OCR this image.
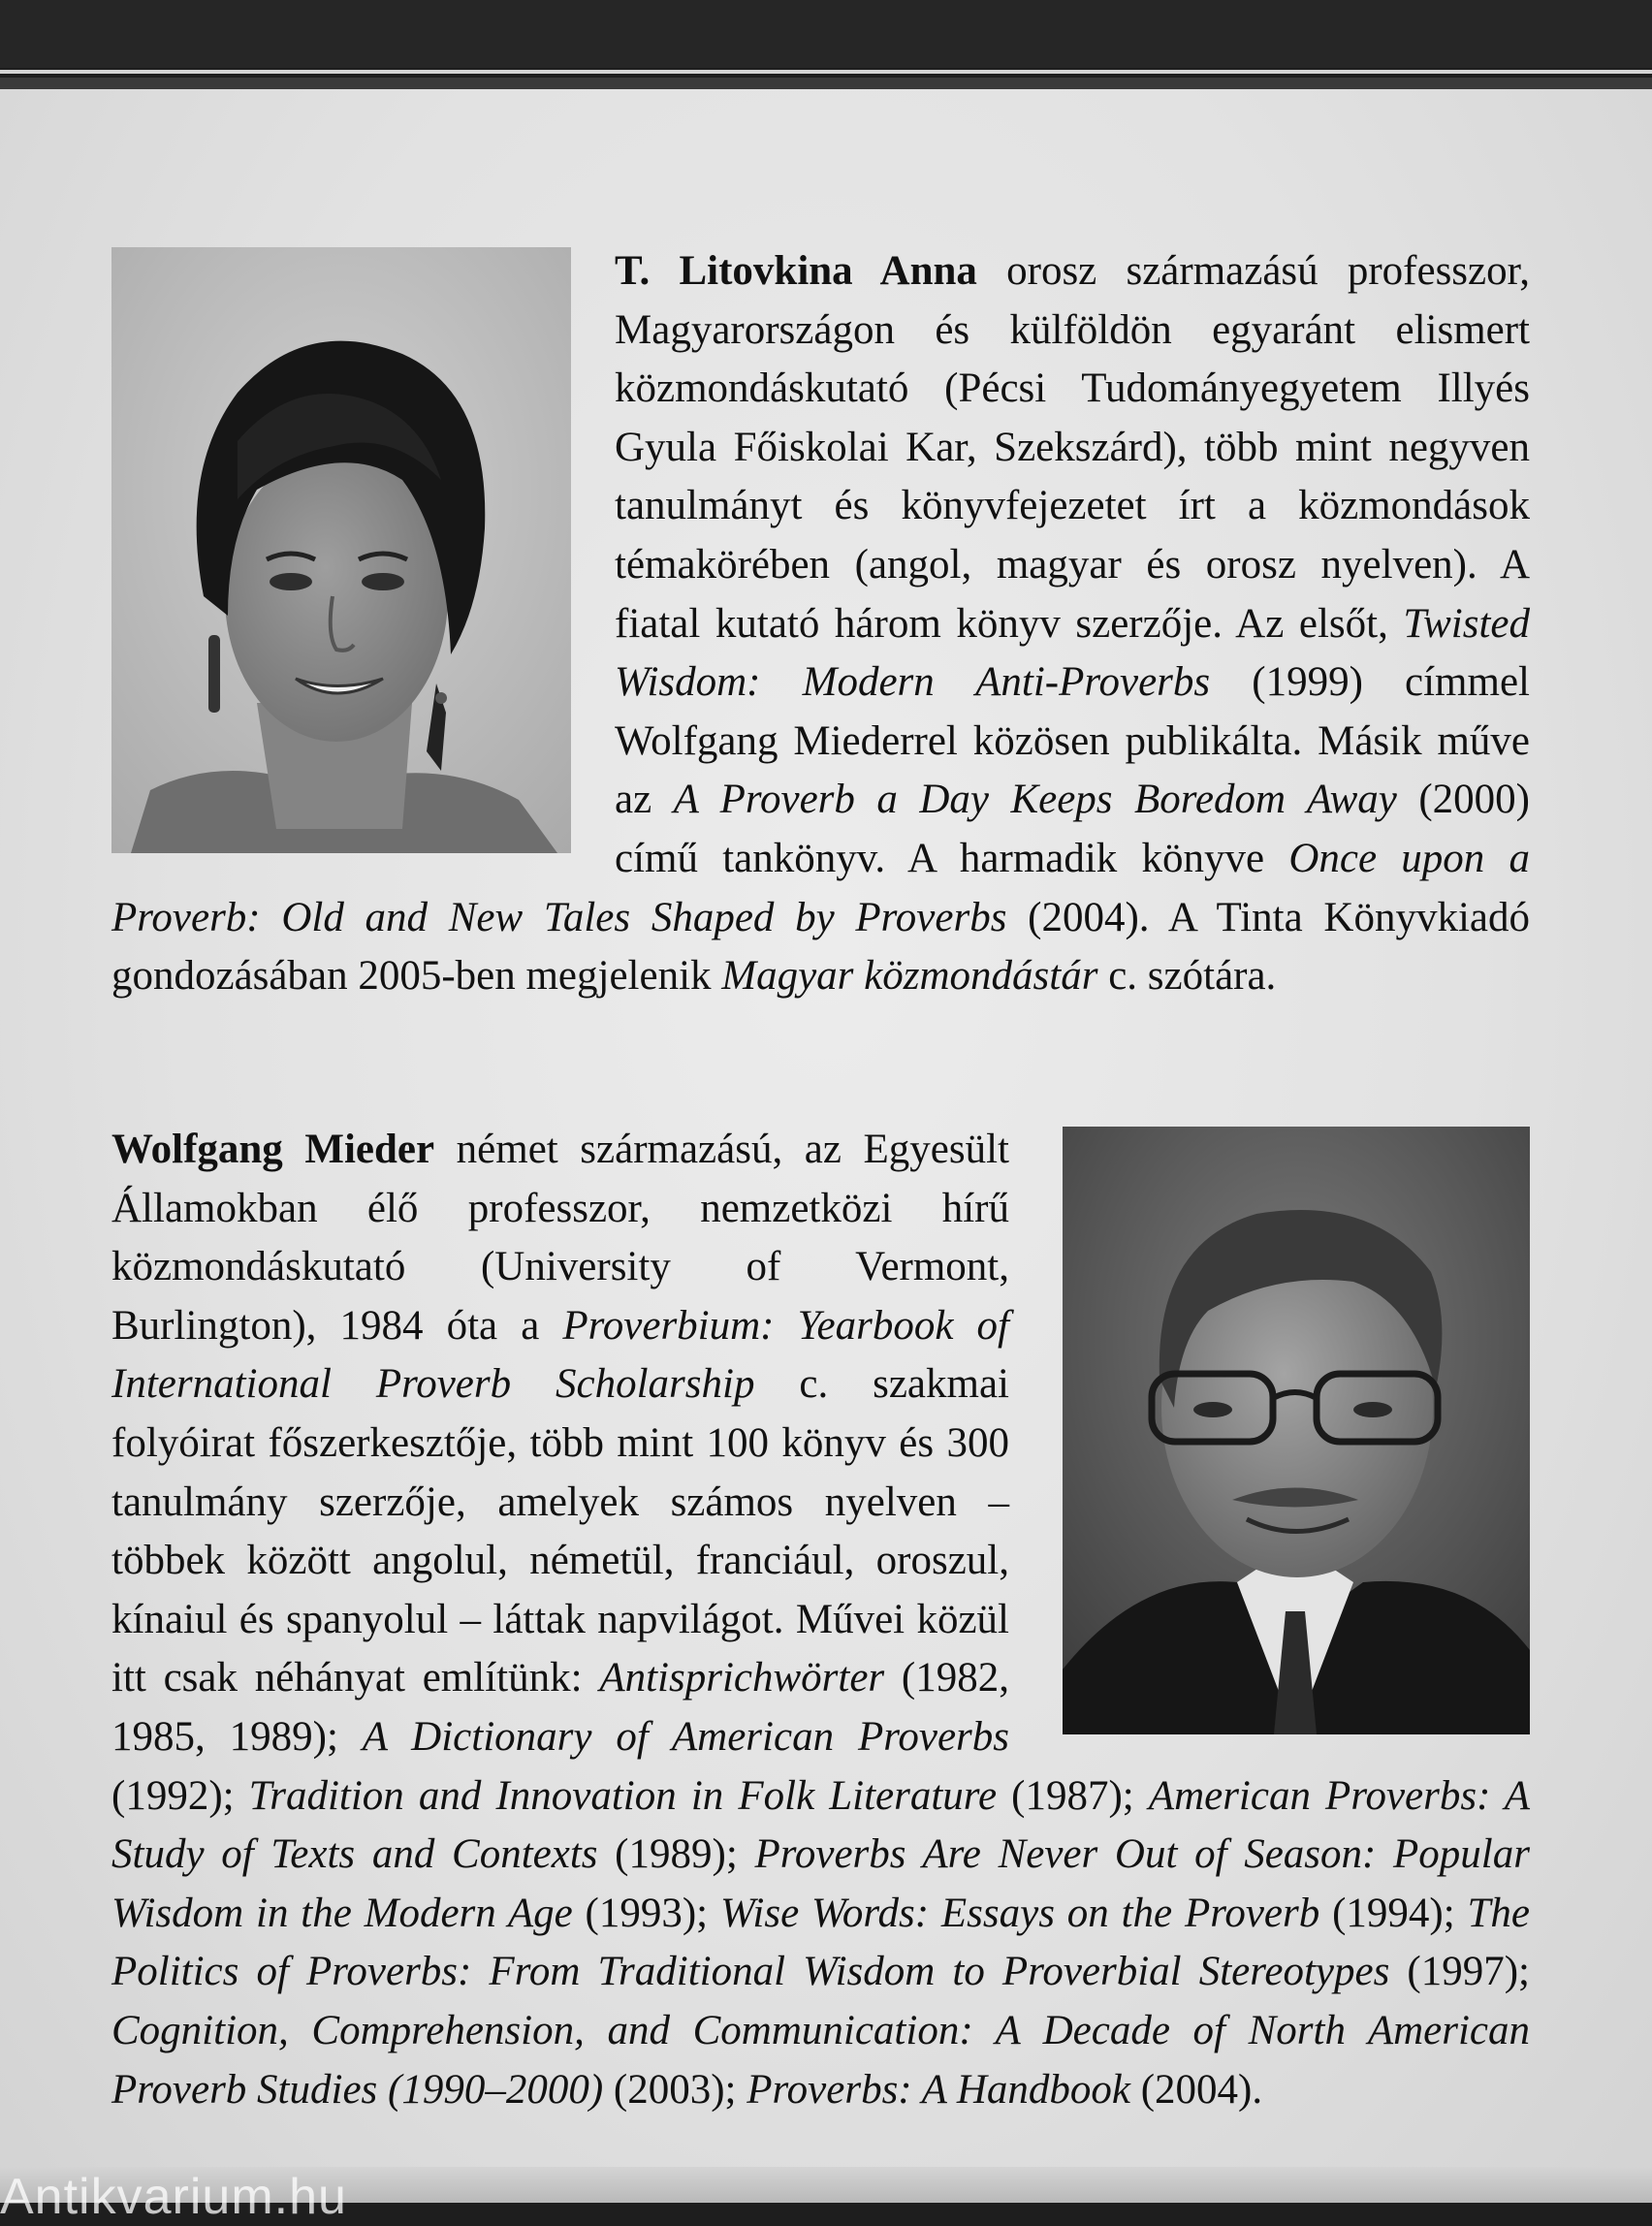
T. Litovkina Anna orosz származású professzor, Magyarországon és külföldön egyaránt elismert közmondáskutató (Pécsi Tudományegyetem Illyés Gyula Főiskolai Kar, Szekszárd), több mint negyven tanulmányt és könyvfejezetet írt a közmondások témakörében (angol, magyar és orosz nyelven). A fiatal kutató három könyv szerzője. Az elsőt, Twisted Wisdom: Modern Anti-Proverbs (1999) címmel Wolfgang Miederrel közösen publikálta. Másik műve az A Proverb a Day Keeps Boredom Away (2000) című tankönyv. A harmadik könyve Once upon a Proverb: Old and New Tales Shaped by Proverbs (2004). A Tinta Könyvkiadó gondozásában 2005-ben megjelenik Magyar közmondástár c. szótára.

Wolfgang Mieder német származású, az Egyesült Államokban élő professzor, nemzetközi hírű közmondáskutató (University of Vermont, Burlington), 1984 óta a Proverbium: Yearbook of International Proverb Scholarship c. szakmai folyóirat főszerkesztője, több mint 100 könyv és 300 tanulmány szerzője, amelyek számos nyelven – többek között angolul, németül, franciául, oroszul, kínaiul és spanyolul – láttak napvilágot. Művei közül itt csak néhányat említünk: Antisprichwörter (1982, 1985, 1989); A Dictionary of American Proverbs (1992); Tradition and Innovation in Folk Literature (1987); American Proverbs: A Study of Texts and Contexts (1989); Proverbs Are Never Out of Season: Popular Wisdom in the Modern Age (1993); Wise Words: Essays on the Proverb (1994); The Politics of Proverbs: From Traditional Wisdom to Proverbial Stereotypes (1997); Cognition, Comprehension, and Communication: A Decade of North American Proverb Studies (1990–2000) (2003); Proverbs: A Handbook (2004).

Antikvarium.hu
